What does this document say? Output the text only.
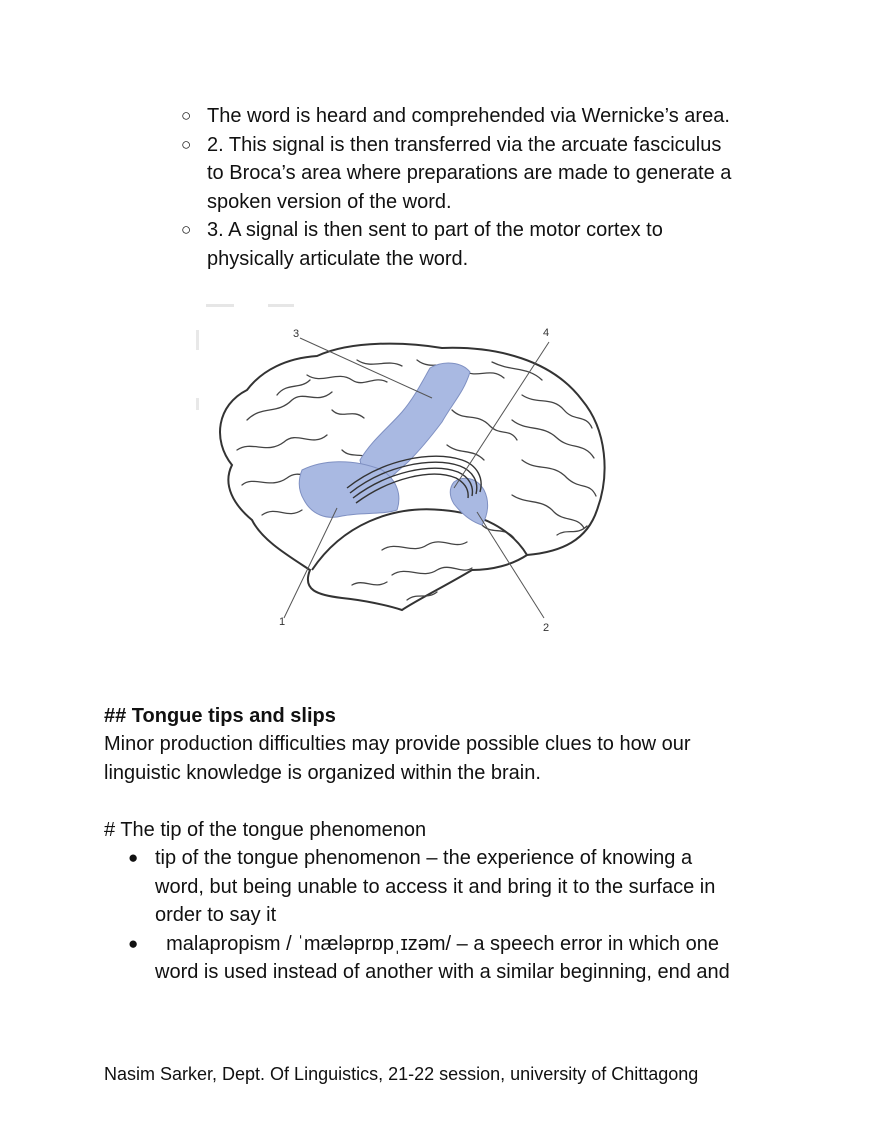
○ The word is heard and comprehended via Wernicke’s area.
○ 2. This signal is then transferred via the arcuate fasciculus
to Broca’s area where preparations are made to generate a
spoken version of the word.
○ 3. A signal is then sent to part of the motor cortex to
physically articulate the word.
1	2
3	4
## Tongue tips and slips
Minor production difficulties may provide possible clues to how our
linguistic knowledge is organized within the brain.
# The tip of the tongue phenomenon
● tip of the tongue phenomenon – the experience of knowing a
word, but being unable to access it and bring it to the surface in
order to say it
● malapropism / ˈmæləprɒpˌɪzəm/ – a speech error in which one
word is used instead of another with a similar beginning, end and
Nasim Sarker, Dept. Of Linguistics, 21-22 session, university of Chittagong
